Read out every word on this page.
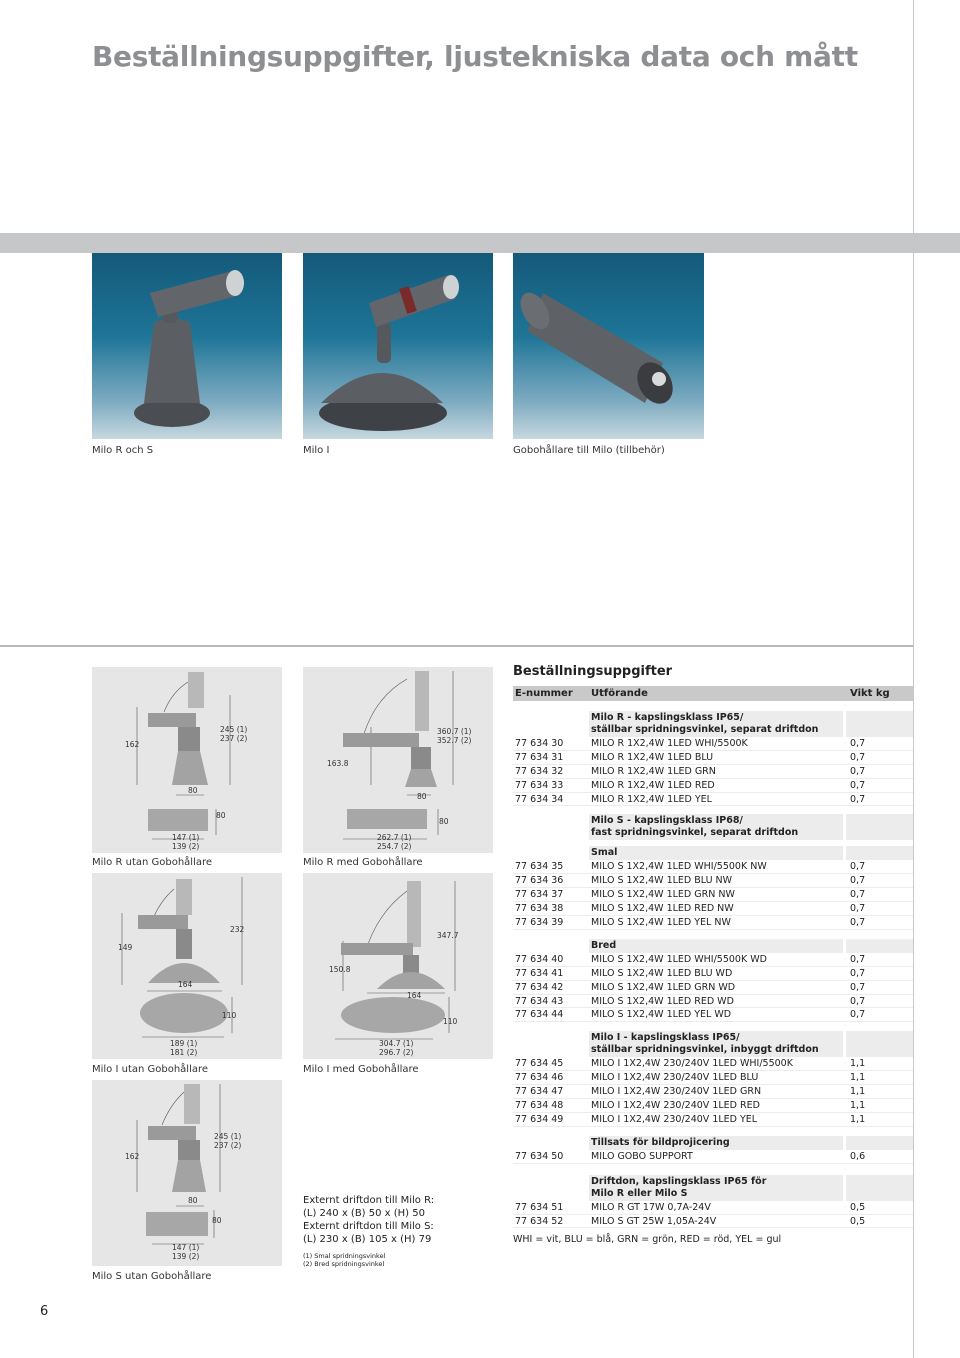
Beställningsuppgifter, ljustekniska data och mått
Milo R och S	Milo I	Gobohållare till Milo (tillbehör)
162
245 (1)
237 (2)
80
80
147 (1)
139 (2)
Milo R utan Gobohållare
163.8
360.7 (1)
352.7 (2)
80
80
262.7 (1)
254.7 (2)
Milo R med Gobohållare
149
232
164
110
189 (1)
181 (2)
Milo I utan Gobohållare
150.8
347.7
164
110
304.7 (1)
296.7 (2)
Milo I med Gobohållare
162
245 (1)
237 (2)
80
80
147 (1)
139 (2)
Milo S utan Gobohållare
Externt driftdon till Milo R:
(L) 240 x (B) 50 x (H) 50
Externt driftdon till Milo S:
(L) 230 x (B) 105 x (H) 79
(1) Smal spridningsvinkel
(2) Bred spridningsvinkel
Beställningsuppgifter
E-nummer Utförande	Vikt kg
Milo R - kapslingsklass IP65/
ställbar spridningsvinkel, separat driftdon
77 634 30	MILO R 1X2,4W 1LED WHI/5500K	0,7
77 634 31	MILO R 1X2,4W 1LED BLU	0,7
77 634 32	MILO R 1X2,4W 1LED GRN	0,7
77 634 33	MILO R 1X2,4W 1LED RED	0,7
77 634 34	MILO R 1X2,4W 1LED YEL	0,7
Milo S - kapslingsklass IP68/
fast spridningsvinkel, separat driftdon
Smal
77 634 35	MILO S 1X2,4W 1LED WHI/5500K NW	0,7
77 634 36	MILO S 1X2,4W 1LED BLU NW	0,7
77 634 37	MILO S 1X2,4W 1LED GRN NW	0,7
77 634 38	MILO S 1X2,4W 1LED RED NW	0,7
77 634 39	MILO S 1X2,4W 1LED YEL NW	0,7
Bred
77 634 40	MILO S 1X2,4W 1LED WHI/5500K WD	0,7
77 634 41	MILO S 1X2,4W 1LED BLU WD	0,7
77 634 42	MILO S 1X2,4W 1LED GRN WD	0,7
77 634 43	MILO S 1X2,4W 1LED RED WD	0,7
77 634 44	MILO S 1X2,4W 1LED YEL WD	0,7
Milo I - kapslingsklass IP65/
ställbar spridningsvinkel, inbyggt driftdon
77 634 45	MILO I 1X2,4W 230/240V 1LED WHI/5500K	1,1
77 634 46	MILO I 1X2,4W 230/240V 1LED BLU	1,1
77 634 47	MILO I 1X2,4W 230/240V 1LED GRN	1,1
77 634 48	MILO I 1X2,4W 230/240V 1LED RED	1,1
77 634 49	MILO I 1X2,4W 230/240V 1LED YEL	1,1
Tillsats för bildprojicering
77 634 50	MILO GOBO SUPPORT	0,6
Driftdon, kapslingsklass IP65 för
Milo R eller Milo S
77 634 51	MILO R GT 17W 0,7A-24V	0,5
77 634 52	MILO S GT 25W 1,05A-24V	0,5
WHI = vit, BLU = blå, GRN = grön, RED = röd, YEL = gul
6
